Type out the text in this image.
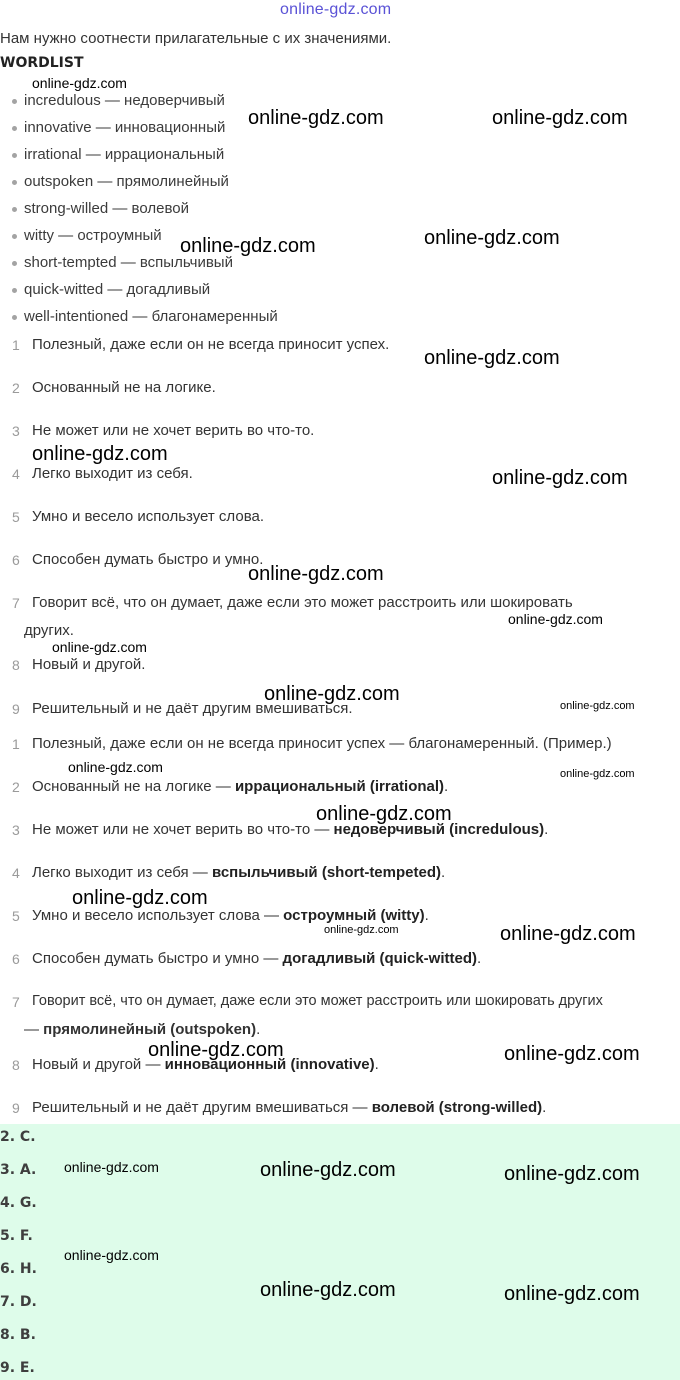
online-gdz.com
Нам нужно соотнести прилагательные с их значениями.
WORDLIST
incredulous — недоверчивый
innovative — инновационный
irrational — иррациональный
outspoken — прямолинейный
strong-willed — волевой
witty — остроумный
short-tempted — вспыльчивый
quick-witted — догадливый
well-intentioned — благонамеренный
1 Полезный, даже если он не всегда приносит успех.
2 Основанный не на логике.
3 Не может или не хочет верить во что-то.
4 Легко выходит из себя.
5 Умно и весело использует слова.
6 Способен думать быстро и умно.
7 Говорит всё, что он думает, даже если это может расстроить или шокировать
других.
8 Новый и другой.
9 Решительный и не даёт другим вмешиваться.
1 Полезный, даже если он не всегда приносит успех — благонамеренный. (Пример.)
2 Основанный не на логике — иррациональный (irrational).
3 Не может или не хочет верить во что-то — недоверчивый (incredulous).
4 Легко выходит из себя — вспыльчивый (short-tempeted).
5 Умно и весело использует слова — остроумный (witty).
6 Способен думать быстро и умно — догадливый (quick-witted).
7 Говорит всё, что он думает, даже если это может расстроить или шокировать других
— прямолинейный (outspoken).
8 Новый и другой — инновационный (innovative).
9 Решительный и не даёт другим вмешиваться — волевой (strong-willed).
2. C.
3. A.
4. G.
5. F.
6. H.
7. D.
8. B.
9. E.
online-gdz.com
online-gdz.com	online-gdz.com
online-gdz.com	online-gdz.com
online-gdz.com
online-gdz.com
online-gdz.com
online-gdz.com
online-gdz.com
online-gdz.com
online-gdz.com
online-gdz.com
online-gdz.com	online-gdz.com
online-gdz.com
online-gdz.com
online-gdz.com	online-gdz.com
online-gdz.com	online-gdz.com
online-gdz.com	online-gdz.com	online-gdz.com
online-gdz.com
online-gdz.com	online-gdz.com
